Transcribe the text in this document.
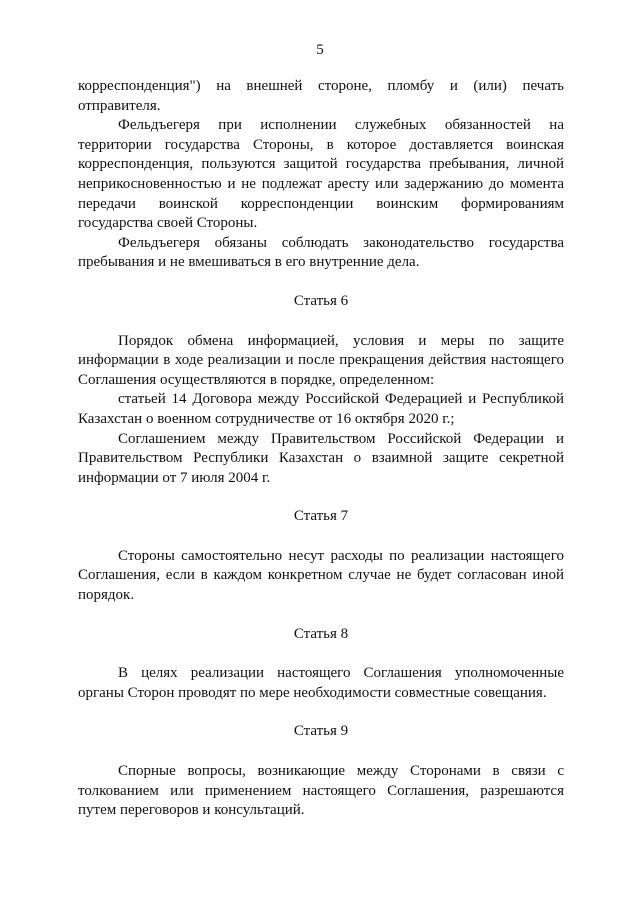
5

корреспонденция") на внешней стороне, пломбу и (или) печать отправителя.

Фельдъегеря при исполнении служебных обязанностей на территории государства Стороны, в которое доставляется воинская корреспонденция, пользуются защитой государства пребывания, личной неприкосновенностью и не подлежат аресту или задержанию до момента передачи воинской корреспонденции воинским формированиям государства своей Стороны.

Фельдъегеря обязаны соблюдать законодательство государства пребывания и не вмешиваться в его внутренние дела.

Статья 6

Порядок обмена информацией, условия и меры по защите информации в ходе реализации и после прекращения действия настоящего Соглашения осуществляются в порядке, определенном:

статьей 14 Договора между Российской Федерацией и Республикой Казахстан о военном сотрудничестве от 16 октября 2020 г.;

Соглашением между Правительством Российской Федерации и Правительством Республики Казахстан о взаимной защите секретной информации от 7 июля 2004 г.

Статья 7

Стороны самостоятельно несут расходы по реализации настоящего Соглашения, если в каждом конкретном случае не будет согласован иной порядок.

Статья 8

В целях реализации настоящего Соглашения уполномоченные органы Сторон проводят по мере необходимости совместные совещания.

Статья 9

Спорные вопросы, возникающие между Сторонами в связи с толкованием или применением настоящего Соглашения, разрешаются путем переговоров и консультаций.
